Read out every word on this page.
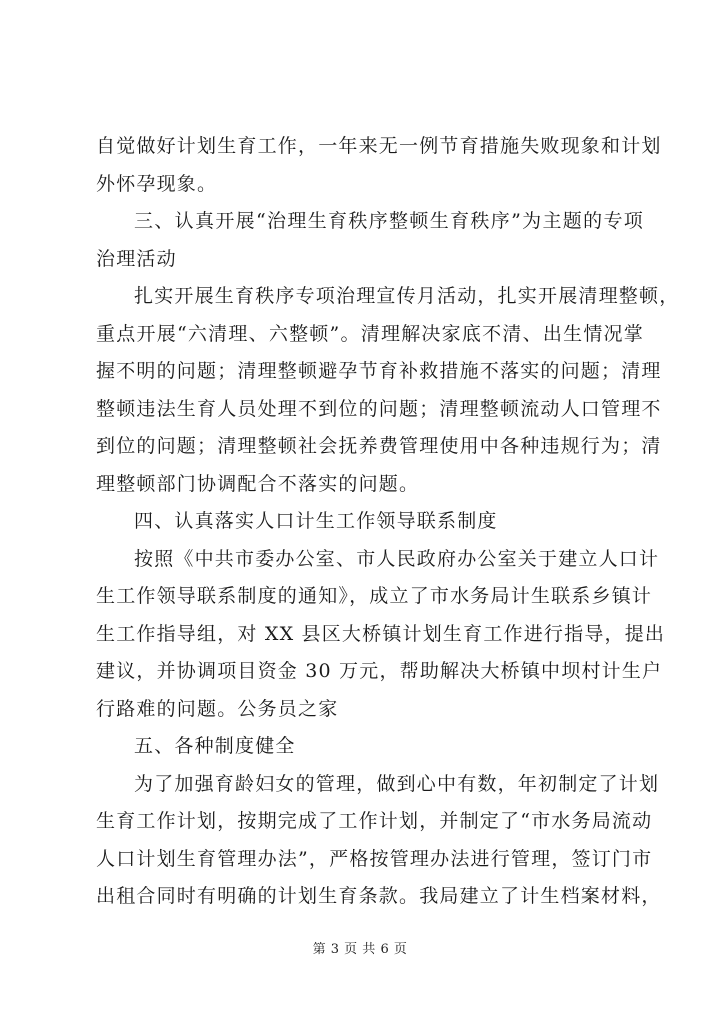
自觉做好计划生育工作，一年来无一例节育措施失败现象和计划
外怀孕现象。
三、认真开展“治理生育秩序整顿生育秩序”为主题的专项
治理活动
扎实开展生育秩序专项治理宣传月活动，扎实开展清理整顿，
重点开展“六清理、六整顿”。清理解决家底不清、出生情况掌
握不明的问题；清理整顿避孕节育补救措施不落实的问题；清理
整顿违法生育人员处理不到位的问题；清理整顿流动人口管理不
到位的问题；清理整顿社会抚养费管理使用中各种违规行为；清
理整顿部门协调配合不落实的问题。
四、认真落实人口计生工作领导联系制度
按照《中共市委办公室、市人民政府办公室关于建立人口计
生工作领导联系制度的通知》，成立了市水务局计生联系乡镇计
生工作指导组，对 XX 县区大桥镇计划生育工作进行指导，提出
建议，并协调项目资金 30 万元，帮助解决大桥镇中坝村计生户
行路难的问题。公务员之家
五、各种制度健全
为了加强育龄妇女的管理，做到心中有数，年初制定了计划
生育工作计划，按期完成了工作计划，并制定了“市水务局流动
人口计划生育管理办法”，严格按管理办法进行管理，签订门市
出租合同时有明确的计划生育条款。我局建立了计生档案材料，
第 3 页 共 6 页
